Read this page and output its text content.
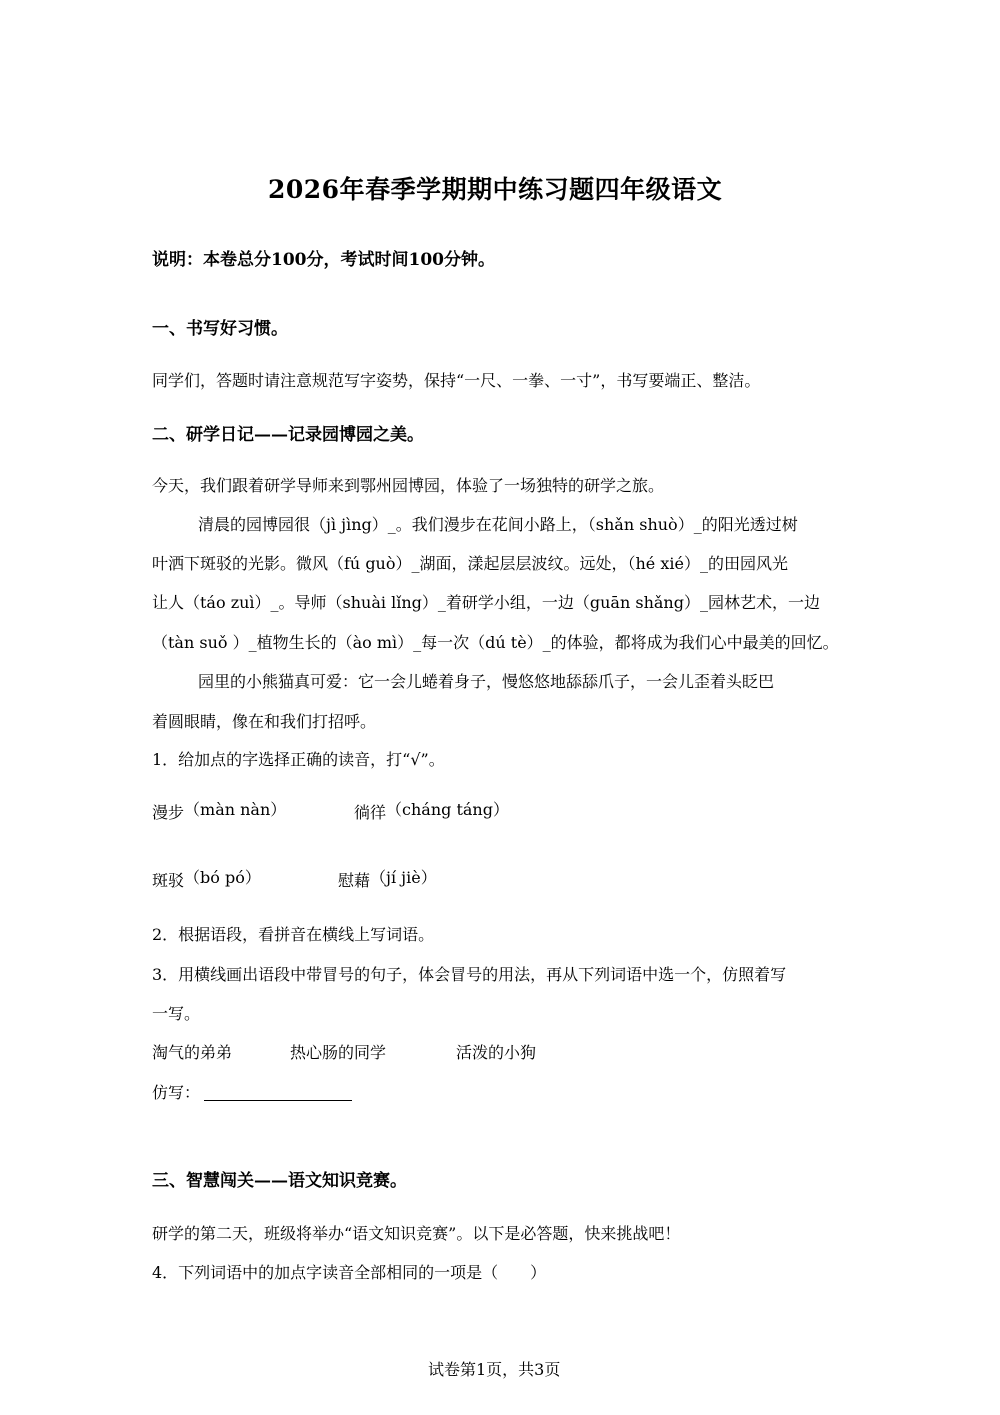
2026年春季学期期中练习题四年级语文
说明：本卷总分100分，考试时间100分钟。
一、书写好习惯。
同学们，答题时请注意规范写字姿势，保持“一尺、一拳、一寸”，书写要端正、整洁。
二、研学日记——记录园博园之美。
今天，我们跟着研学导师来到鄂州园博园，体验了一场独特的研学之旅。
清晨的园博园很（jì jìng）_。我们漫步在花间小路上，（shǎn shuò）_的阳光透过树
叶洒下斑驳的光影。微风（fú guò）_湖面，漾起层层波纹。远处，（hé xié）_的田园风光
让人（táo zuì）_。导师（shuài lǐng）_着研学小组，一边（guān shǎng）_园林艺术，一边
（tàn suǒ ）_植物生长的（ào mì）_每一次（dú tè）_的体验，都将成为我们心中最美的回忆。
园里的小熊猫真可爱：它一会儿蜷着身子，慢悠悠地舔舔爪子，一会儿歪着头眨巴
着圆眼睛，像在和我们打招呼。
1．给加点的字选择正确的读音，打“√”。
漫步（màn nàn）	徜徉（cháng táng）
斑驳（bó pó）	慰藉（jí jiè）
2．根据语段，看拼音在横线上写词语。
3．用横线画出语段中带冒号的句子，体会冒号的用法，再从下列词语中选一个，仿照着写
一写。
淘气的弟弟	热心肠的同学	活泼的小狗
仿写：
三、智慧闯关——语文知识竞赛。
研学的第二天，班级将举办“语文知识竞赛”。以下是必答题，快来挑战吧！
4．下列词语中的加点字读音全部相同的一项是（　　）
试卷第1页，共3页
